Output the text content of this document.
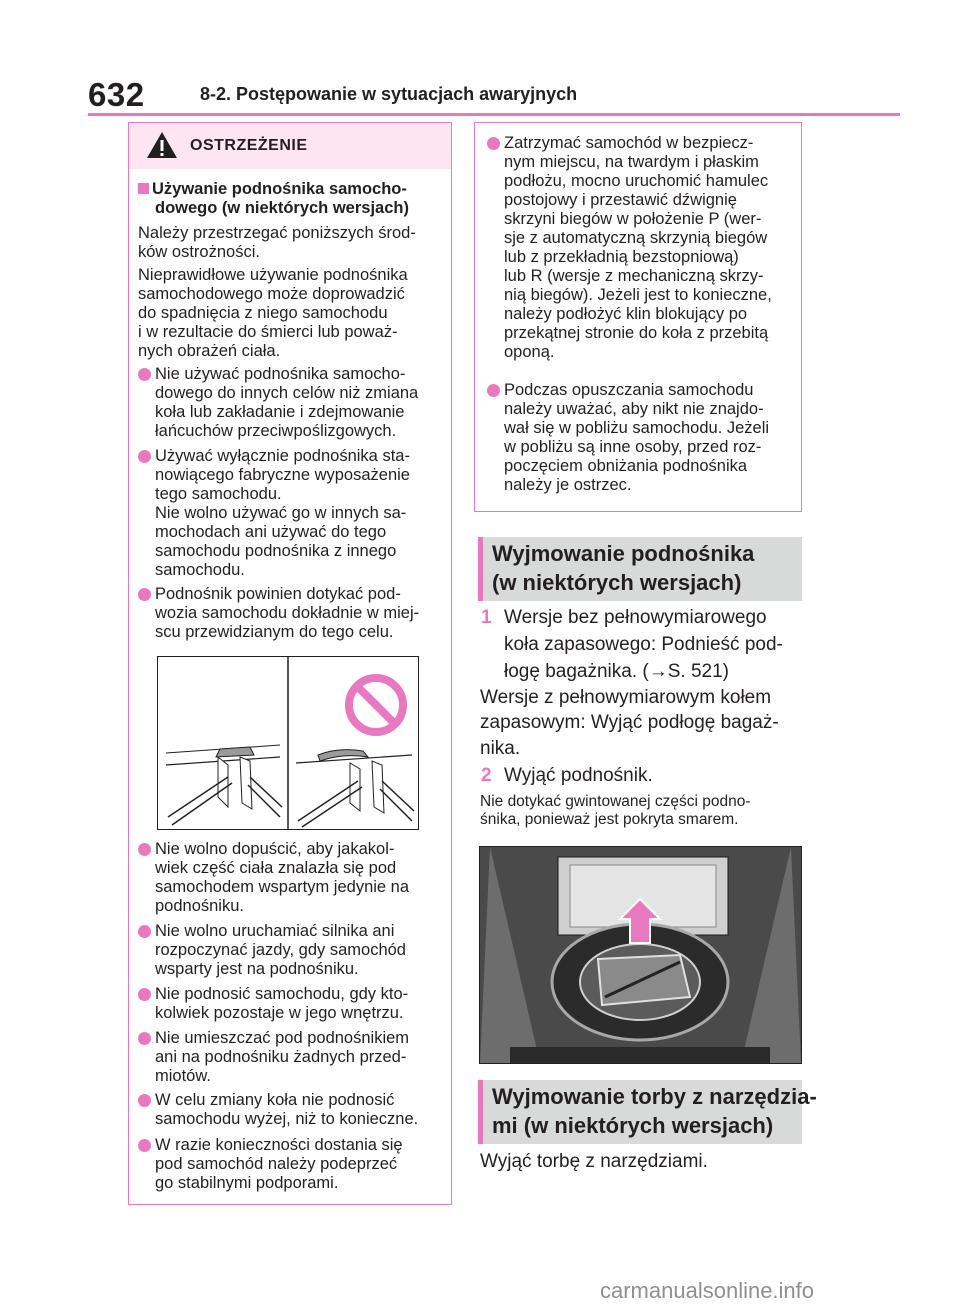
632	8-2. Postępowanie w sytuacjach awaryjnych
OSTRZEŻENIE
Używanie podnośnika samocho-
dowego (w niektórych wersjach)
Należy przestrzegać poniższych środ-
ków ostrożności.
Nieprawidłowe używanie podnośnika
samochodowego może doprowadzić
do spadnięcia z niego samochodu
i w rezultacie do śmierci lub poważ-
nych obrażeń ciała.
Nie używać podnośnika samocho-
dowego do innych celów niż zmiana
koła lub zakładanie i zdejmowanie
łańcuchów przeciwpoślizgowych.
Używać wyłącznie podnośnika sta-
nowiącego fabryczne wyposażenie
tego samochodu.
Nie wolno używać go w innych sa-
mochodach ani używać do tego
samochodu podnośnika z innego
samochodu.
Podnośnik powinien dotykać pod-
wozia samochodu dokładnie w miej-
scu przewidzianym do tego celu.
Nie wolno dopuścić, aby jakakol-
wiek część ciała znalazła się pod
samochodem wspartym jedynie na
podnośniku.
Nie wolno uruchamiać silnika ani
rozpoczynać jazdy, gdy samochód
wsparty jest na podnośniku.
Nie podnosić samochodu, gdy kto-
kolwiek pozostaje w jego wnętrzu.
Nie umieszczać pod podnośnikiem
ani na podnośniku żadnych przed-
miotów.
W celu zmiany koła nie podnosić
samochodu wyżej, niż to konieczne.
W razie konieczności dostania się
pod samochód należy podeprzeć
go stabilnymi podporami.
Zatrzymać samochód w bezpiecz-
nym miejscu, na twardym i płaskim
podłożu, mocno uruchomić hamulec
postojowy i przestawić dźwignię
skrzyni biegów w położenie P (wer-
sje z automatyczną skrzynią biegów
lub z przekładnią bezstopniową)
lub R (wersje z mechaniczną skrzy-
nią biegów). Jeżeli jest to konieczne,
należy podłożyć klin blokujący po
przekątnej stronie do koła z przebitą
oponą.
Podczas opuszczania samochodu
należy uważać, aby nikt nie znajdo-
wał się w pobliżu samochodu. Jeżeli
w pobliżu są inne osoby, przed roz-
poczęciem obniżania podnośnika
należy je ostrzec.
Wyjmowanie podnośnika
(w niektórych wersjach)
1 Wersje bez pełnowymiarowego
koła zapasowego: Podnieść pod-
łogę bagażnika. (→S. 521)
Wersje z pełnowymiarowym kołem
zapasowym: Wyjąć podłogę bagaż-
nika.
2 Wyjąć podnośnik.
Nie dotykać gwintowanej części podno-
śnika, ponieważ jest pokryta smarem.
Wyjmowanie torby z narzędzia-
mi (w niektórych wersjach)
Wyjąć torbę z narzędziami.
carmanualsonline.info
